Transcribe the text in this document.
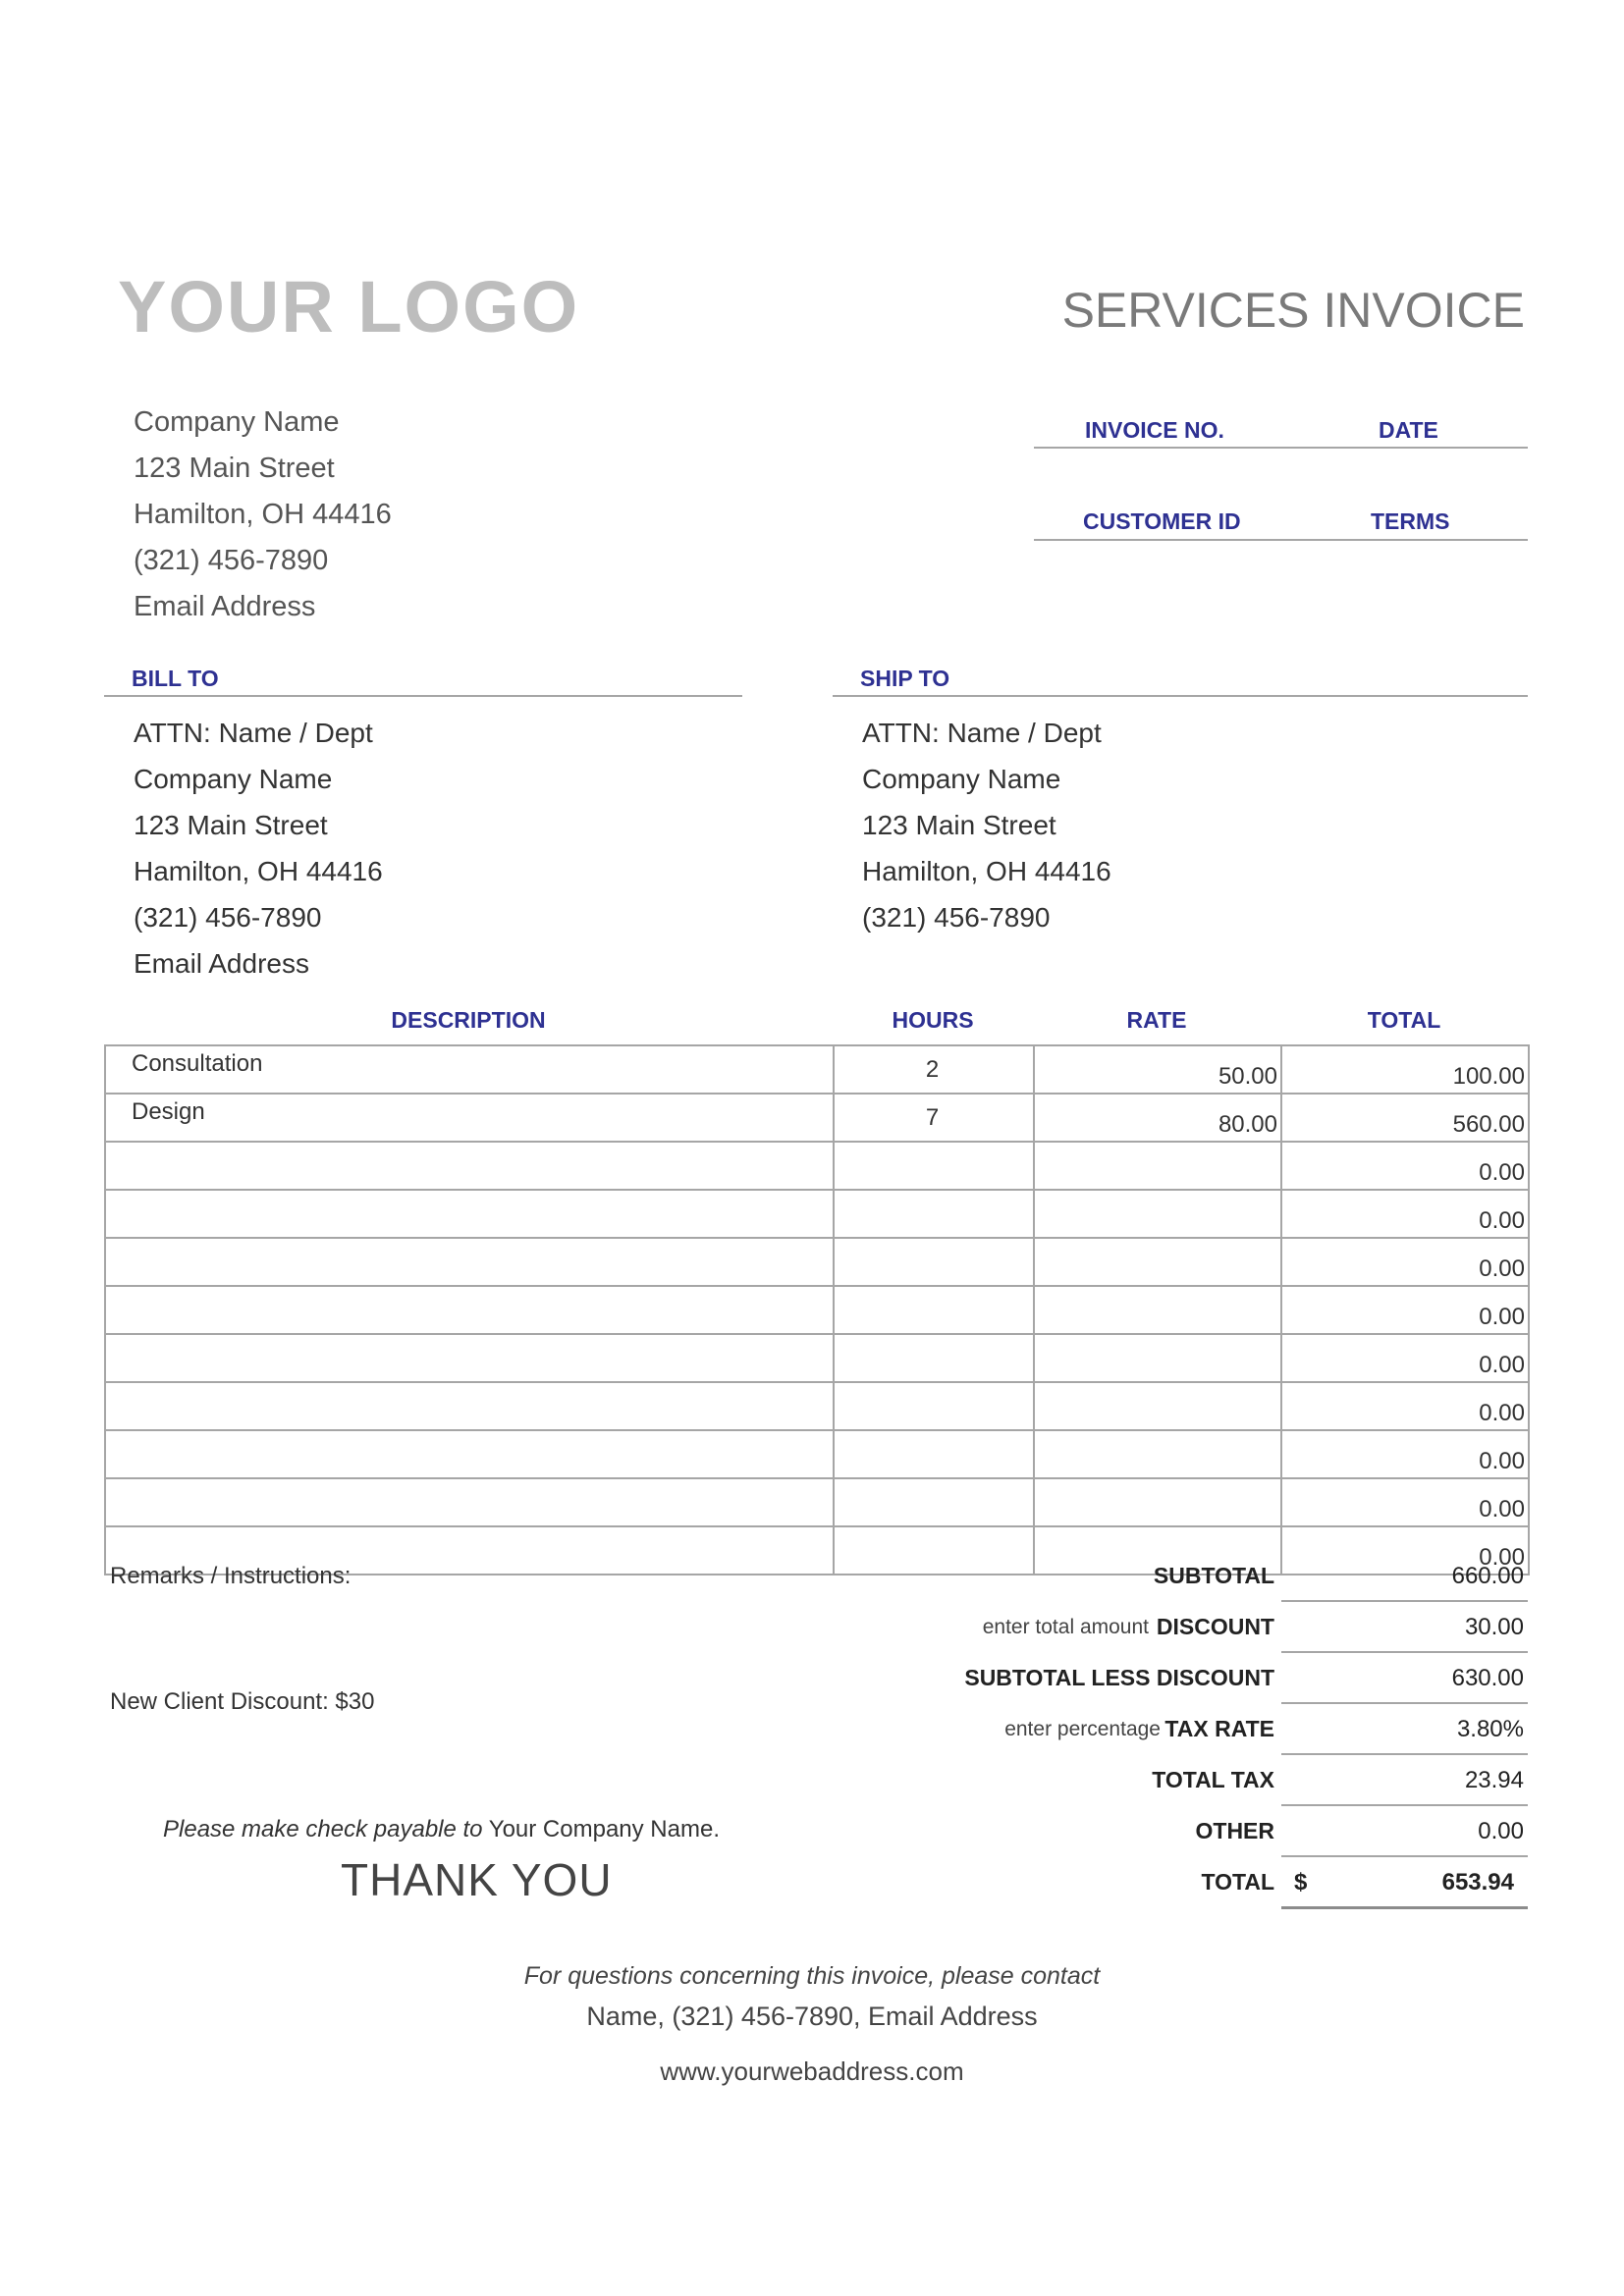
YOUR LOGO	SERVICES INVOICE
Company Name
123 Main Street
Hamilton, OH 44416
(321) 456-7890
Email Address
INVOICE NO.	DATE
CUSTOMER ID	TERMS
BILL TO
ATTN: Name / Dept
Company Name
123 Main Street
Hamilton, OH 44416
(321) 456-7890
Email Address
SHIP TO
ATTN: Name / Dept
Company Name
123 Main Street
Hamilton, OH 44416
(321) 456-7890
DESCRIPTION	HOURS	RATE	TOTAL
Consultation	2	50.00	100.00
Design	7	80.00	560.00
			0.00
			0.00
			0.00
			0.00
			0.00
			0.00
			0.00
			0.00
			0.00
Remarks / Instructions:
New Client Discount: $30
SUBTOTAL	660.00
enter total amount DISCOUNT	30.00
SUBTOTAL LESS DISCOUNT	630.00
enter percentage TAX RATE	3.80%
TOTAL TAX	23.94
OTHER	0.00
TOTAL $	653.94
Please make check payable to Your Company Name.
THANK YOU
For questions concerning this invoice, please contact
Name, (321) 456-7890, Email Address
www.yourwebaddress.com
